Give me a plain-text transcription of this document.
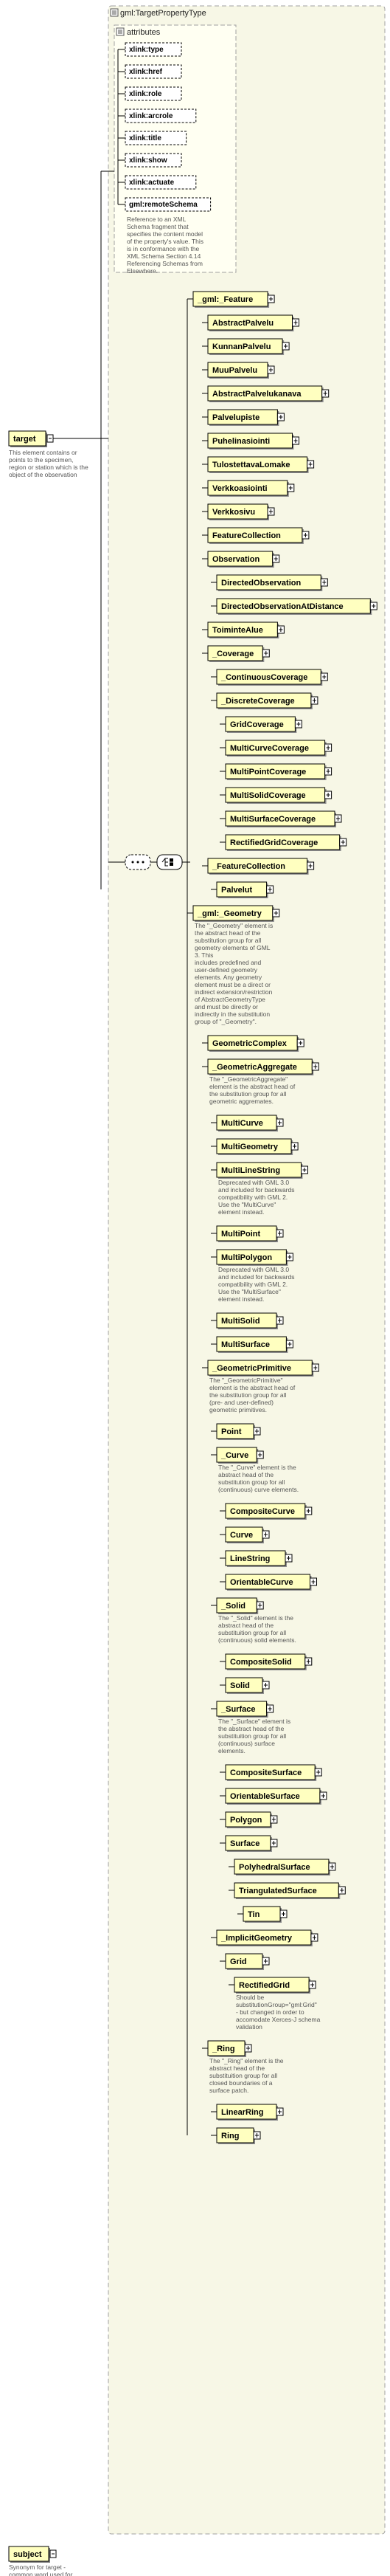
gml:TargetPropertyType
attributes
xlink:type
xlink:href
xlink:role
xlink:arcrole
xlink:title
xlink:show
xlink:actuate
gml:remoteSchema
Reference to an XML Schema fragment that specifies the content model of the property's value. This is in conformance with the XML Schema Section 4.14 Referencing Schemas from Elsewhere.
target
This element contains or points to the specimen, region or station which is the object of the observation
_gml:_Feature
AbstractPalvelu
KunnanPalvelu
MuuPalvelu
AbstractPalvelukanava
Palvelupiste
Puhelinasiointi
TulostettavaLomake
Verkkoasiointi
Verkkosivu
FeatureCollection
Observation
DirectedObservation
DirectedObservationAtDistance
ToiminteAlue
_Coverage
_ContinuousCoverage
_DiscreteCoverage
GridCoverage
MultiCurveCoverage
MultiPointCoverage
MultiSolidCoverage
MultiSurfaceCoverage
RectifiedGridCoverage
_FeatureCollection
Palvelut
_gml:_Geometry
The "_Geometry" element is the abstract head of the substitution group for all geometry elements of GML 3. This includes predefined and user-defined geometry elements. Any geometry element must be a direct or indirect extension/restriction of AbstractGeometryType and must be directly or indirectly in the substitution group of "_Geometry".
GeometricComplex
_GeometricAggregate
The "_GeometricAggregate" element is the abstract head of the substitution group for all geometric aggremates.
MultiCurve
MultiGeometry
MultiLineString
Deprecated with GML 3.0 and included for backwards compatibility with GML 2. Use the "MultiCurve" element instead.
MultiPoint
MultiPolygon
Deprecated with GML 3.0 and included for backwards compatibility with GML 2. Use the "MultiSurface" element instead.
MultiSolid
MultiSurface
_GeometricPrimitive
The "_GeometricPrimitive" element is the abstract head of the substitution group for all (pre- and user-defined) geometric primitives.
Point
_Curve
The "_Curve" element is the abstract head of the substitution group for all (continuous) curve elements.
CompositeCurve
Curve
LineString
OrientableCurve
_Solid
The "_Solid" element is the abstract head of the substituition group for all (continuous) solid elements.
CompositeSolid
Solid
_Surface
The "_Surface" element is the abstract head of the substituition group for all (continuous) surface elements.
CompositeSurface
OrientableSurface
Polygon
Surface
PolyhedralSurface
TriangulatedSurface
Tin
_ImplicitGeometry
Grid
RectifiedGrid
Should be substitutionGroup="gml:Grid" - but changed in order to accomodate Xerces-J schema validation
_Ring
The "_Ring" element is the abstract head of the substituition group for all closed boundaries of a surface patch.
LinearRing
Ring
subject
Synonym for target -common word used for
